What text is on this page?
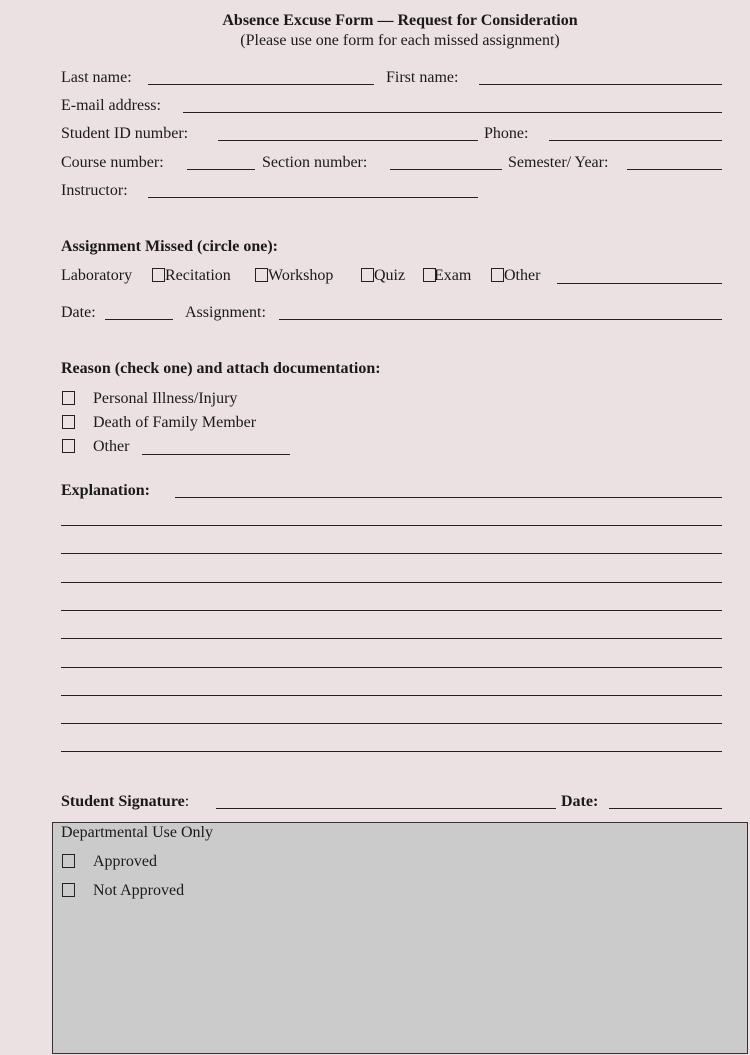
Absence Excuse Form — Request for Consideration
(Please use one form for each missed assignment)
Last name:	First name:
E-mail address:
Student ID number:	Phone:
Course number:	Section number:	Semester/ Year:
Instructor:
Assignment Missed (circle one):
Laboratory Recitation Workshop	Quiz Exam Other
Date:	Assignment:
Reason (check one) and attach documentation:
Personal Illness/Injury
Death of Family Member
Other
Explanation:
Student Signature:	Date:
Departmental Use Only
Approved
Not Approved
